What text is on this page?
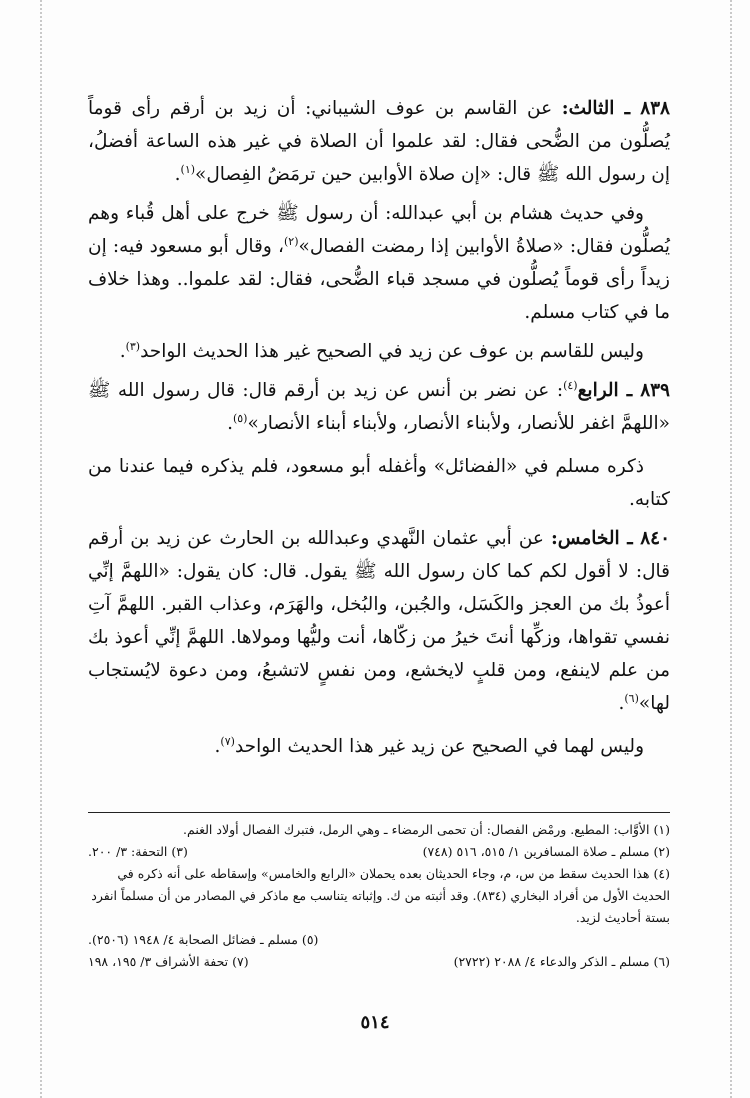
٨٣٨ ـ الثالث: عن القاسم بن عوف الشيباني: أن زيد بن أرقم رأى قوماً يُصلُّون من الضُّحى فقال: لقد علموا أن الصلاة في غير هذه الساعة أفضلُ، إن رسول الله ﷺ قال: «إن صلاة الأوابين حين ترمَضُ الفِصال»$^{(١)}$.

وفي حديث هشام بن أبي عبدالله: أن رسول ﷺ خرج على أهل قُباء وهم يُصلُّون فقال: «صلاةُ الأوابين إذا رمضت الفصال»$^{(٢)}$، وقال أبو مسعود فيه: إن زيداً رأى قوماً يُصلُّون في مسجد قباء الضُّحى، فقال: لقد علموا.. وهذا خلاف ما في كتاب مسلم.

وليس للقاسم بن عوف عن زيد في الصحيح غير هذا الحديث الواحد$^{(٣)}$.

٨٣٩ ـ الرابع$^{(٤)}$: عن نضر بن أنس عن زيد بن أرقم قال: قال رسول الله ﷺ «اللهمَّ اغفر للأنصار، ولأبناء الأنصار، ولأبناء أبناء الأنصار»$^{(٥)}$.

ذكره مسلم في «الفضائل» وأغفله أبو مسعود، فلم يذكره فيما عندنا من كتابه.

٨٤٠ ـ الخامس: عن أبي عثمان النَّهدي وعبدالله بن الحارث عن زيد بن أرقم قال: لا أقول لكم كما كان رسول الله ﷺ يقول. قال: كان يقول: «اللهمَّ إنِّي أعوذُ بك من العجز والكَسَل، والجُبن، والبُخل، والهَرَم، وعذاب القبر. اللهمَّ آتِ نفسي تقواها، وزكِّها أنتَ خيرُ من زكّاها، أنت وليُّها ومولاها. اللهمَّ إنِّي أعوذ بك من علم لاينفع، ومن قلبٍ لايخشع، ومن نفسٍ لاتشبعُ، ومن دعوة لايُستجاب لها»$^{(٦)}$.

وليس لهما في الصحيح عن زيد غير هذا الحديث الواحد$^{(٧)}$.

(١) الأوَّاب: المطيع. ورمْض الفصال: أن تحمى الرمضاء ـ وهي الرمل، فتبرك الفصال أولاد الغنم.

(٢) مسلم ـ صلاة المسافرين ١/ ٥١٥، ٥١٦ (٧٤٨)
(٣) التحفة: ٣/ ٢٠٠.

(٤) هذا الحديث سقط من س، م، وجاء الحديثان بعده يحملان «الرابع والخامس» وإسقاطه على أنه ذكره في الحديث الأول من أفراد البخاري (٨٣٤). وقد أثبته من ك. وإثباته يتناسب مع ماذكر في المصادر من أن مسلماً انفرد بستة أحاديث لزيد.

(٥) مسلم ـ فضائل الصحابة ٤/ ١٩٤٨ (٢٥٠٦).
(٦) مسلم ـ الذكر والدعاء ٤/ ٢٠٨٨ (٢٧٢٢)
(٧) تحفة الأشراف ٣/ ١٩٥، ١٩٨
٥١٤
